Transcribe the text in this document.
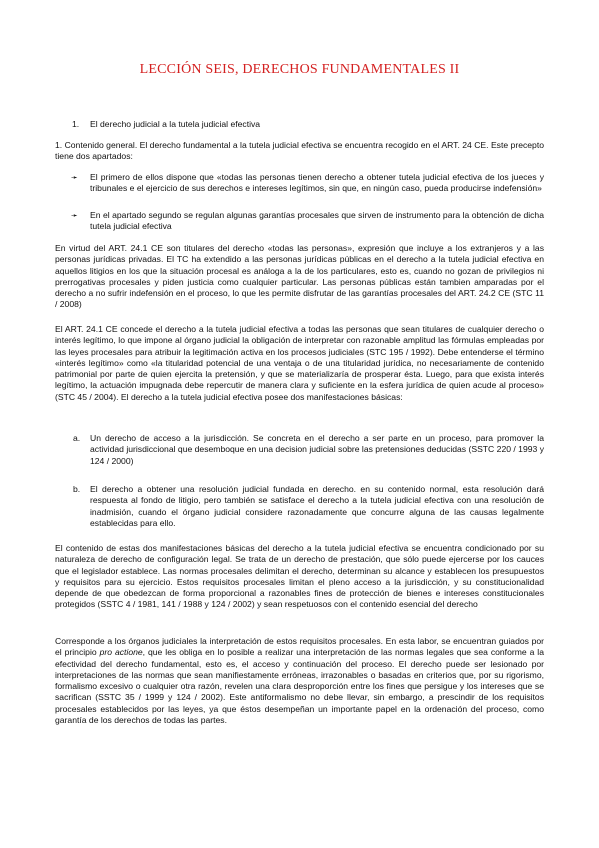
LECCIÓN SEIS, DERECHOS FUNDAMENTALES II
1. El derecho judicial a la tutela judicial efectiva

1. Contenido general. El derecho fundamental a la tutela judicial efectiva se encuentra recogido en el ART. 24 CE. Este precepto tiene dos apartados:

➛ El primero de ellos dispone que «todas las personas tienen derecho a obtener tutela judicial efectiva de los jueces y tribunales e el ejercicio de sus derechos e intereses legítimos, sin que, en ningún caso, pueda producirse indefensión»
➛ En el apartado segundo se regulan algunas garantías procesales que sirven de instrumento para la obtención de dicha tutela judicial efectiva

En virtud del ART. 24.1 CE son titulares del derecho «todas las personas», expresión que incluye a los extranjeros y a las personas jurídicas privadas. El TC ha extendido a las personas jurídicas públicas en el derecho a la tutela judicial efectiva en aquellos litigios en los que la situación procesal es análoga a la de los particulares, esto es, cuando no gozan de privilegios ni prerrogativas procesales y piden justicia como cualquier particular. Las personas públicas están tambien amparadas por el derecho a no sufrir indefensión en el proceso, lo que les permite disfrutar de las garantías procesales del ART. 24.2 CE (STC 11 / 2008)

El ART. 24.1 CE concede el derecho a la tutela judicial efectiva a todas las personas que sean titulares de cualquier derecho o interés legítimo, lo que impone al órgano judicial la obligación de interpretar con razonable amplitud las fórmulas empleadas por las leyes procesales para atribuir la legitimación activa en los procesos judiciales (STC 195 / 1992). Debe entenderse el término «interés legítimo» como «la titularidad potencial de una ventaja o de una titularidad jurídica, no necesariamente de contenido patrimonial por parte de quien ejercita la pretensión, y que se materializaría de prosperar ésta. Luego, para que exista interés legítimo, la actuación impugnada debe repercutir de manera clara y suficiente en la esfera jurídica de quien acude al proceso» (STC 45 / 2004). El derecho a la tutela judicial efectiva posee dos manifestaciones básicas:

a. Un derecho de acceso a la jurisdicción. Se concreta en el derecho a ser parte en un proceso, para promover la actividad jurisdiccional que desemboque en una decision judicial sobre las pretensiones deducidas (SSTC 220 / 1993 y 124 / 2000)
b. El derecho a obtener una resolución judicial fundada en derecho. en su contenido normal, esta resolución dará respuesta al fondo de litigio, pero también se satisface el derecho a la tutela judicial efectiva con una resolución de inadmisión, cuando el órgano judicial considere razonadamente que concurre alguna de las causas legalmente establecidas para ello.

El contenido de estas dos manifestaciones básicas del derecho a la tutela judicial efectiva se encuentra condicionado por su naturaleza de derecho de configuración legal. Se trata de un derecho de prestación, que sólo puede ejercerse por los cauces que el legislador establece. Las normas procesales delimitan el derecho, determinan su alcance y establecen los presupuestos y requisitos para su ejercicio. Estos requisitos procesales limitan el pleno acceso a la jurisdicción, y su constitucionalidad depende de que obedezcan de forma proporcional a razonables fines de protección de bienes e intereses constitucionales protegidos (SSTC 4 / 1981, 141 / 1988 y 124 / 2002) y sean respetuosos con el contenido esencial del derecho

Corresponde a los órganos judiciales la interpretación de estos requisitos procesales. En esta labor, se encuentran guiados por el principio pro actione, que les obliga en lo posible a realizar una interpretación de las normas legales que sea conforme a la efectividad del derecho fundamental, esto es, el acceso y continuación del proceso. El derecho puede ser lesionado por interpretaciones de las normas que sean manifiestamente erróneas, irrazonables o basadas en criterios que, por su rigorismo, formalismo excesivo o cualquier otra razón, revelen una clara desproporción entre los fines que persigue y los intereses que se sacrifican (SSTC 35 / 1999 y 124 / 2002). Este antiformalismo no debe llevar, sin embargo, a prescindir de los requisitos procesales establecidos por las leyes, ya que éstos desempeñan un importante papel en la ordenación del proceso, como garantía de los derechos de todas las partes.
